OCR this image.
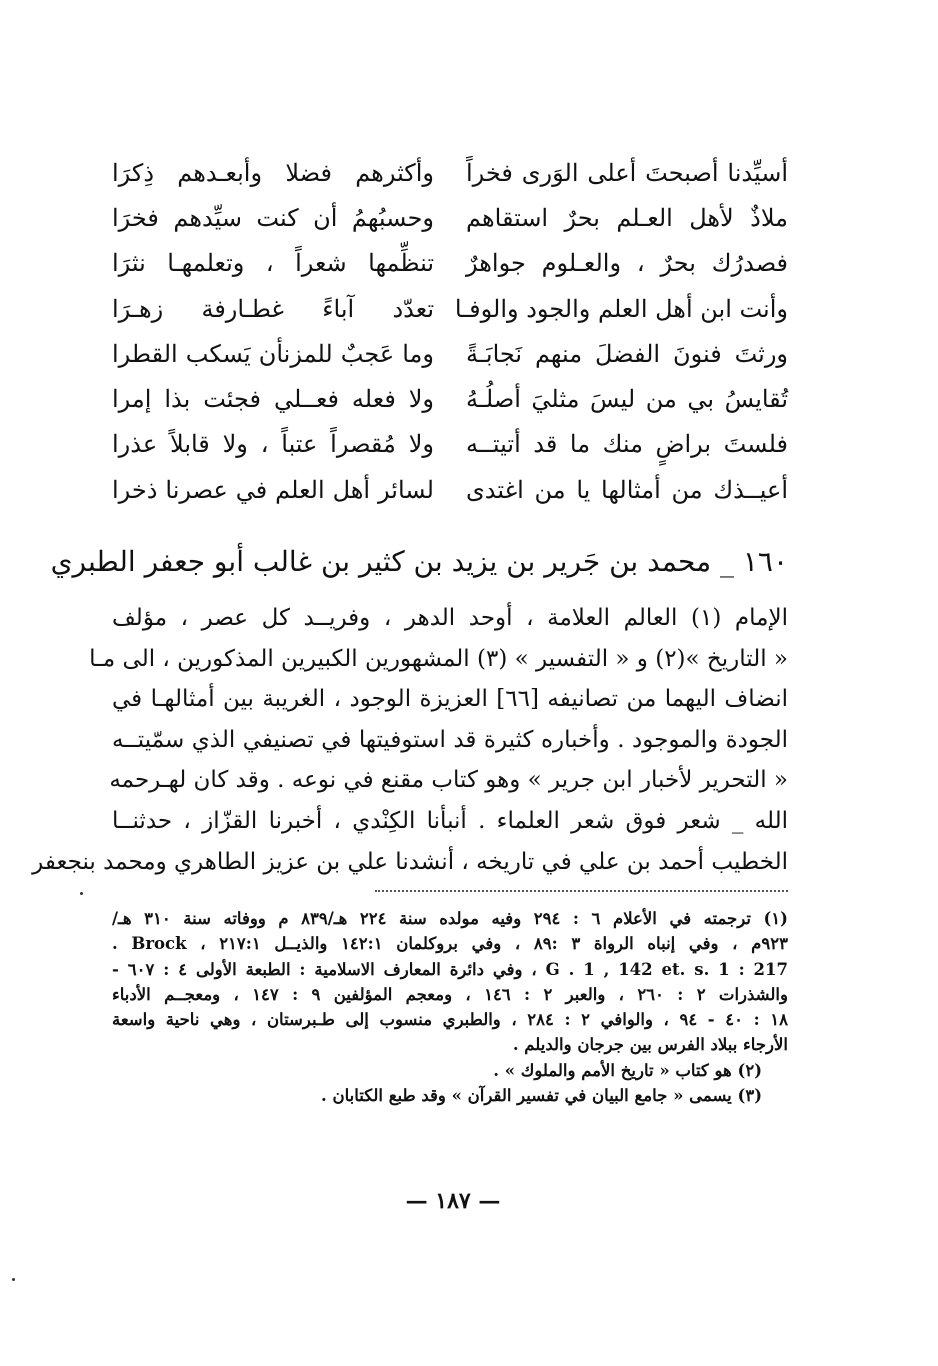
أسيِّدنا أصبحتَ أعلى الوَرى فخراً
وأكثرهم فضلا وأبعـدهم ذِكرَا
ملاذٌ لأهل العـلم بحرٌ استقاهم
وحسبُهمُ أن كنت سيِّدهم فخرَا
فصدرُك بحرٌ ، والعـلوم جواهرٌ
تنظِّمها شعراً ، وتعلمهـا نثرَا
وأنت ابن أهل العلم والجود والوفـا
تعدّد آباءً غطـارفة زهـرَا
ورثتَ فنونَ الفضلَ منهم نَجابَـةً
وما عَجبٌ للمزنأن يَسكب القطرا
تُقايسُ بي من ليسَ مثليَ أصلُـهُ
ولا فعله فعــلي فجئت بذا إمرا
فلستَ براضٍ منك ما قد أتيتــه
ولا مُقصراً عتباً ، ولا قابلاً عذرا
أعيــذك من أمثالها يا من اغتدى
لسائر أهل العلم في عصرنا ذخرا
١٦٠ _ محمد بن جَرير بن يزيد بن كثير بن غالب أبو جعفر الطبري
الإمام (١) العالم العلامة ، أوحد الدهر ، وفريــد كل عصر ، مؤلف
« التاريخ »(٢) و « التفسير » (٣) المشهورين الكبيرين المذكورين ، الى مـا
انضاف اليهما من تصانيفه [٦٦] العزيزة الوجود ، الغريبة بين أمثالهـا في
الجودة والموجود . وأخباره كثيرة قد استوفيتها في تصنيفي الذي سمّيتــه
« التحرير لأخبار ابن جرير » وهو كتاب مقنع في نوعه . وقد كان لهـرحمه
الله _ شعر فوق شعر العلماء . أنبأنا الكِنْدي ، أخبرنا القزّاز ، حدثنــا
الخطيب أحمد بن علي في تاريخه ، أنشدنا علي بن عزيز الطاهري ومحمد بنجعفر
(١) ترجمته في الأعلام ٦ : ٢٩٤ وفيه مولده سنة ٢٢٤ هـ/٨٣٩ م ووفاته سنة ٣١٠ هـ/
٩٢٣م ، وفي إنباه الرواة ٣ :٨٩ ، وفي بروكلمان ١٤٢:١ والذيــل ٢١٧:١ ، Brock .
G . 1 , 142 et. s. 1 : 217 ، وفي دائرة المعارف الاسلامية : الطبعة الأولى ٤ : ٦٠٧ -
والشذرات ٢ : ٢٦٠ ، والعبر ٢ : ١٤٦ ، ومعجم المؤلفين ٩ : ١٤٧ ، ومعجــم الأدباء
١٨ : ٤٠ - ٩٤ ، والوافي ٢ : ٢٨٤ ، والطبري منسوب إلى طـبرستان ، وهي ناحية واسعة
الأرجاء ببلاد الفرس بين جرجان والديلم .
(٢) هو كتاب « تاريخ الأمم والملوك » .
(٣) يسمى « جامع البيان في تفسير القرآن » وقد طبع الكتابان .
— ١٨٧ —
